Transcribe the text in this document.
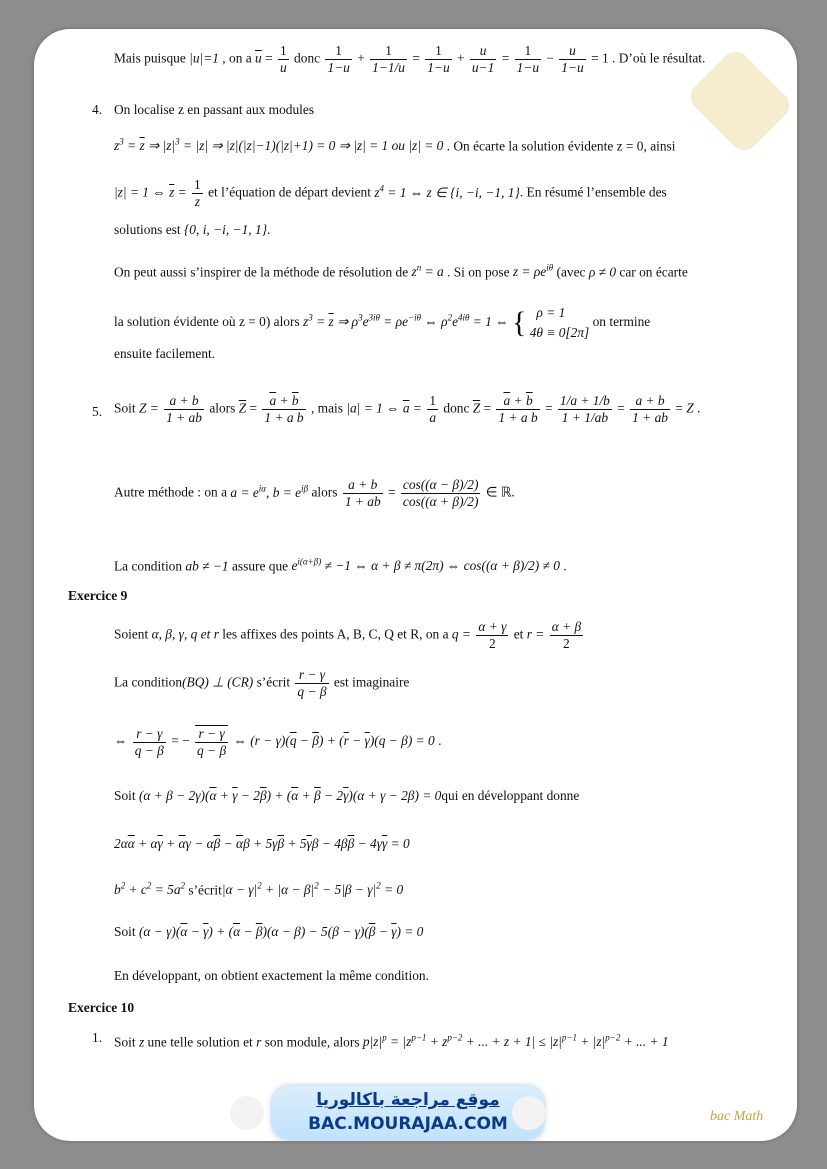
Mais puisque |u|=1 , on a $\overline{u} = \frac{1}{u}$ donc $\frac{1}{1-u} + \frac{1}{1-1/u} = \frac{1}{1-u} + \frac{u}{u-1} = \frac{1}{1-u} - \frac{u}{1-u} = 1$ . D’où le résultat.
4. On localise z en passant aux modules
$z^3 = \overline{z}$ ⇒ $|z|^3 = |z|$ ⇒ |z|(|z|−1)(|z|+1) = 0 ⇒ |z| = 1 ou |z| = 0 . On écarte la solution évidente z = 0, ainsi
|z| = 1 ⇔ $\overline{z} = \frac{1}{z}$ et l’équation de départ devient $z^4 = 1$ ⇔ z ∈ {i, −i, −1, 1}. En résumé l’ensemble des
solutions est {0, i, −i, −1, 1}.
On peut aussi s’inspirer de la méthode de résolution de $z^n = a$ . Si on pose $z = \rho e^{i\theta}$ (avec ρ ≠ 0 car on écarte
la solution évidente où z = 0) alors $z^3 = \overline{z}$ ⇒ $\rho^3e^{3i\theta} = \rho e^{-i\theta}$ ⇔ $\rho^2e^{4i\theta} = 1$ ⇔ {   ρ = 1
4θ ≡ 0[2π] on termine
ensuite facilement.
5. Soit $Z = \frac{a + b}{1 + ab}$ alors $\overline{Z} = \frac{\overline{a} + \overline{b}}{1 + \overline{a} \overline{b}}$ , mais |a| = 1 ⇔ $\overline{a} = \frac{1}{a}$ donc $\overline{Z} = \frac{\overline{a} + \overline{b}}{1 + \overline{a} \overline{b}} = \frac{1/a + 1/b}{1 + 1/ab} = \frac{a + b}{1 + ab} = Z$ .
Autre méthode : on a $a = e^{i\alpha}$, $b = e^{i\beta}$ alors $\frac{a + b}{1 + ab} = \frac{\cos((\alpha - \beta)/2)}{\cos((\alpha + \beta)/2)}$ ∈ ℝ.
La condition ab ≠ −1 assure que $e^{i(\alpha+\beta)} \ne -1$ ⇔ α + β ≠ π(2π) ⇔ cos((α + β)/2) ≠ 0 .
Exercice 9
Soient α, β, γ, q et r les affixes des points A, B, C, Q et R, on a $q = \frac{\alpha + \gamma}{2}$ et $r = \frac{\alpha + \beta}{2}$
La condition(BQ) ⊥ (CR) s’écrit $\frac{r - \gamma}{q - \beta}$ est imaginaire
⇔ $\frac{r - \gamma}{q - \beta}$ = − $\frac{r - \gamma}{q - \beta}$ ⇔ $(r - \gamma)(\overline{q} - \overline{\beta}) + (\overline{r} - \overline{\gamma})(q - \beta) = 0$ .
Soit $(\alpha + \beta - 2\gamma)(\overline{\alpha} + \overline{\gamma} - 2\overline{\beta}) + (\overline{\alpha} + \overline{\beta} - 2\overline{\gamma})(\alpha + \gamma - 2\beta) = 0qui$ en développant donne
$2\alpha\overline{\alpha} + \alpha\overline{\gamma} + \overline{\alpha}\gamma - \alpha\overline{\beta} - \overline{\alpha}\beta + 5\gamma\overline{\beta} + 5\overline{\gamma}\beta - 4\beta\overline{\beta} - 4\gamma\overline{\gamma} = 0$
$b^2 + c^2 = 5a^2$ s’écrit|α − $\gamma|^2 + |\alpha - \beta|^2 - 5|\beta - \gamma|^2 = 0$
Soit $(\alpha - \gamma)(\overline{\alpha} - \overline{\gamma}) + (\overline{\alpha} - \overline{\beta})(\alpha - \beta) - 5(\beta - \gamma)(\overline{\beta} - \overline{\gamma}) = 0$
En développant, on obtient exactement la même condition.
Exercice 10
1. Soit z une telle solution et r son module, alors $p|z|^p = |z^{p-1} + z^{p-2}$ + ... + $z + 1| \le |z|^{p-1} + |z|^{p-2}$ + ... + 1
موقع مراجعة باكالوريا
BAC.MOURAJAA.COM	bac Math
